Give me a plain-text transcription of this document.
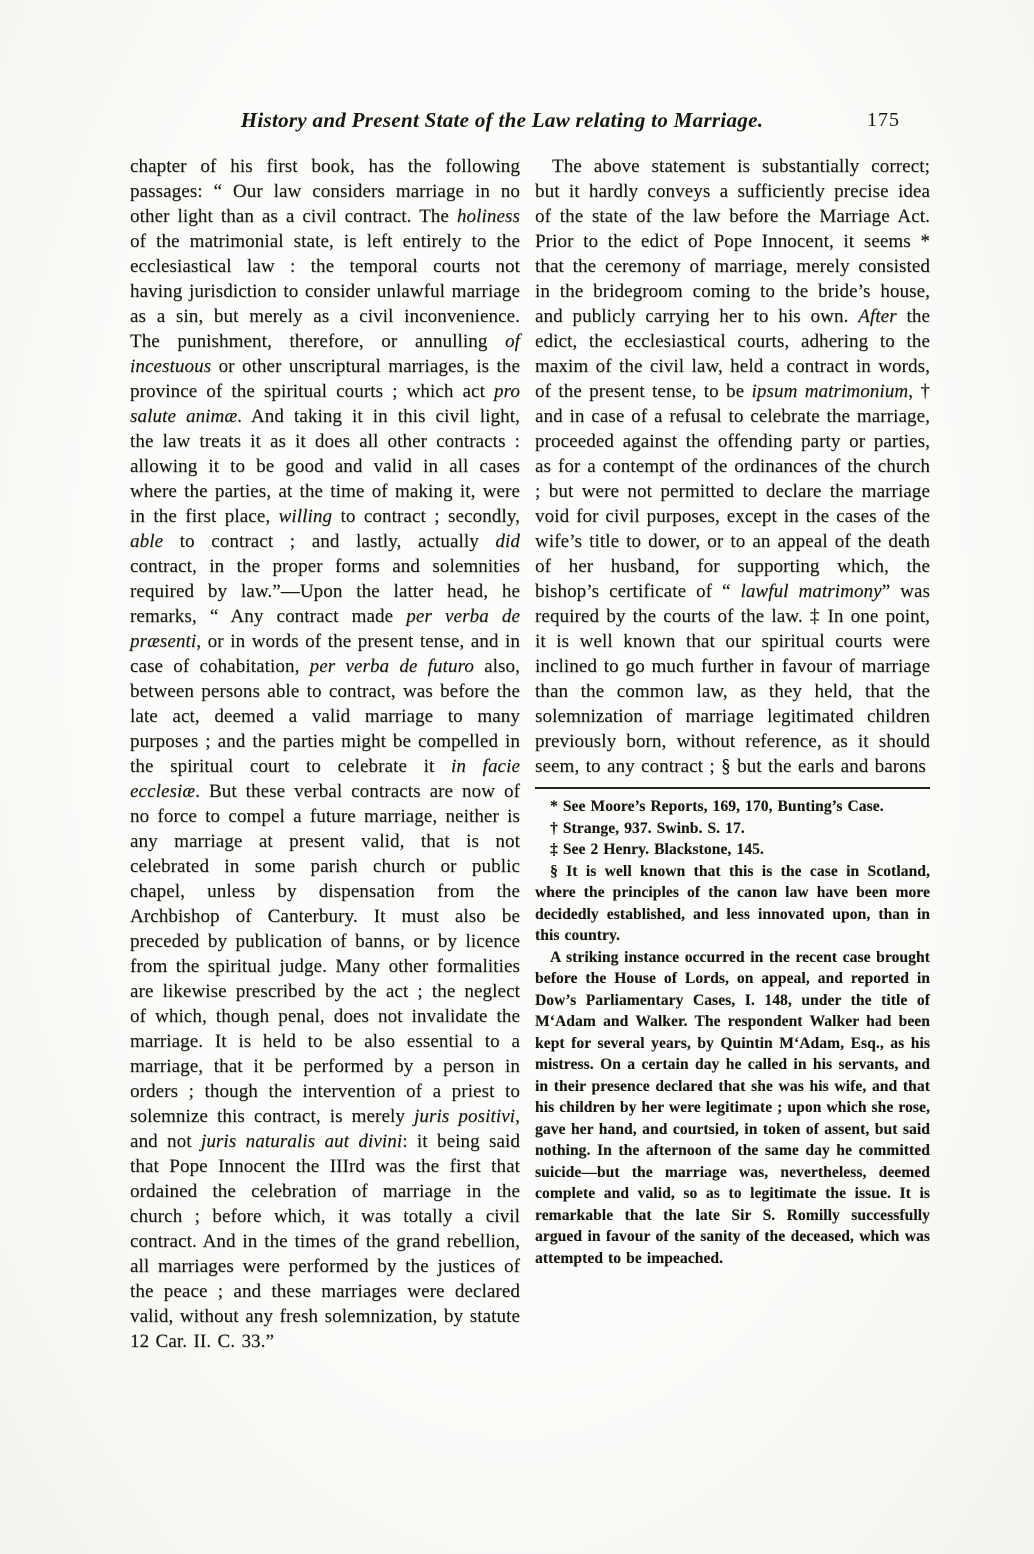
History and Present State of the Law relating to Marriage.	175

chapter of his first book, has the following passages: “ Our law considers marriage in no other light than as a civil contract. The holiness of the matrimonial state, is left entirely to the ecclesiastical law : the temporal courts not having jurisdiction to consider unlawful marriage as a sin, but merely as a civil inconvenience. The punishment, therefore, or annulling of incestuous or other unscriptural marriages, is the province of the spiritual courts ; which act pro salute animæ. And taking it in this civil light, the law treats it as it does all other contracts : allowing it to be good and valid in all cases where the parties, at the time of making it, were in the first place, willing to contract ; secondly, able to contract ; and lastly, actually did contract, in the proper forms and solemnities required by law.”—Upon the latter head, he remarks, “ Any contract made per verba de præsenti, or in words of the present tense, and in case of cohabitation, per verba de futuro also, between persons able to contract, was before the late act, deemed a valid marriage to many purposes ; and the parties might be compelled in the spiritual court to celebrate it in facie ecclesiæ. But these verbal contracts are now of no force to compel a future marriage, neither is any marriage at present valid, that is not celebrated in some parish church or public chapel, unless by dispensation from the Archbishop of Canterbury. It must also be preceded by publication of banns, or by licence from the spiritual judge. Many other formalities are likewise prescribed by the act ; the neglect of which, though penal, does not invalidate the marriage. It is held to be also essential to a marriage, that it be performed by a person in orders ; though the intervention of a priest to solemnize this contract, is merely juris positivi, and not juris naturalis aut divini: it being said that Pope Innocent the IIIrd was the first that ordained the celebration of marriage in the church ; before which, it was totally a civil contract. And in the times of the grand rebellion, all marriages were performed by the justices of the peace ; and these marriages were declared valid, without any fresh solemnization, by statute 12 Car. II. C. 33.”

The above statement is substantially correct; but it hardly conveys a sufficiently precise idea of the state of the law before the Marriage Act. Prior to the edict of Pope Innocent, it seems * that the ceremony of marriage, merely consisted in the bridegroom coming to the bride’s house, and publicly carrying her to his own. After the edict, the ecclesiastical courts, adhering to the maxim of the civil law, held a contract in words, of the present tense, to be ipsum matrimonium, † and in case of a refusal to celebrate the marriage, proceeded against the offending party or parties, as for a contempt of the ordinances of the church ; but were not permitted to declare the marriage void for civil purposes, except in the cases of the wife’s title to dower, or to an appeal of the death of her husband, for supporting which, the bishop’s certificate of “ lawful matrimony” was required by the courts of the law. ‡ In one point, it is well known that our spiritual courts were inclined to go much further in favour of marriage than the common law, as they held, that the solemnization of marriage legitimated children previously born, without reference, as it should seem, to any contract ; § but the earls and barons

* See Moore’s Reports, 169, 170, Bunting’s Case.

† Strange, 937. Swinb. S. 17.

‡ See 2 Henry. Blackstone, 145.

§ It is well known that this is the case in Scotland, where the principles of the canon law have been more decidedly established, and less innovated upon, than in this country.

A striking instance occurred in the recent case brought before the House of Lords, on appeal, and reported in Dow’s Parliamentary Cases, I. 148, under the title of M‘Adam and Walker. The respondent Walker had been kept for several years, by Quintin M‘Adam, Esq., as his mistress. On a certain day he called in his servants, and in their presence declared that she was his wife, and that his children by her were legitimate ; upon which she rose, gave her hand, and courtsied, in token of assent, but said nothing. In the afternoon of the same day he committed suicide—but the marriage was, nevertheless, deemed complete and valid, so as to legitimate the issue. It is remarkable that the late Sir S. Romilly successfully argued in favour of the sanity of the deceased, which was attempted to be impeached.
